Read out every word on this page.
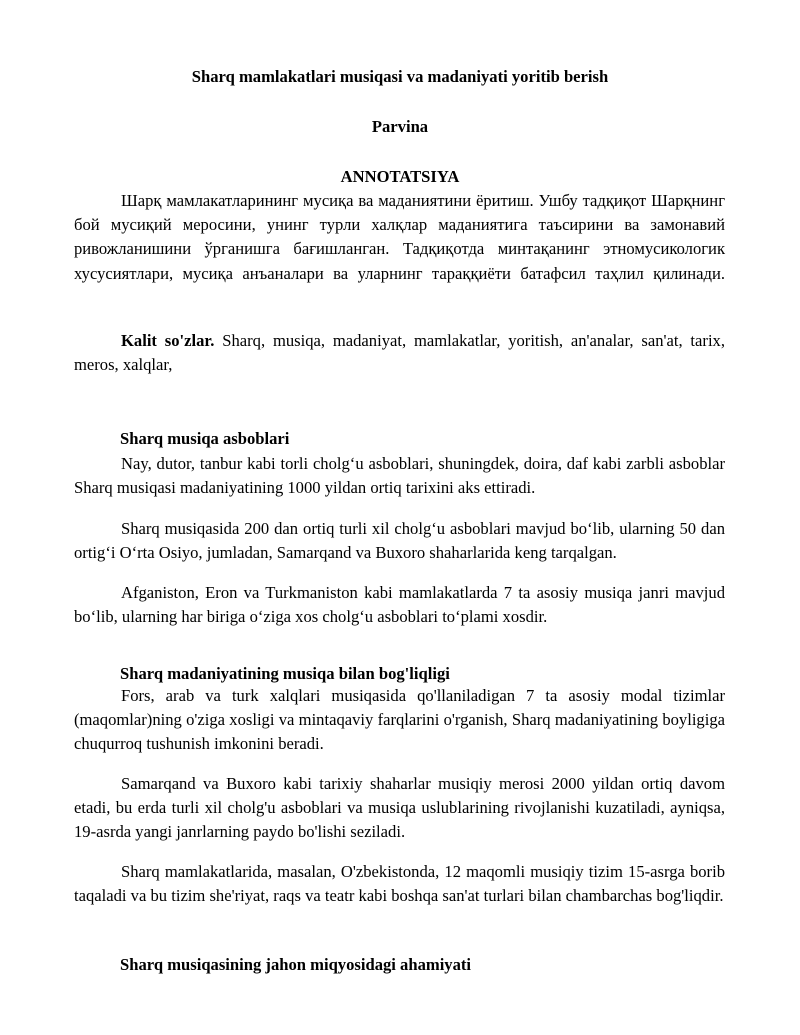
Sharq mamlakatlari musiqasi va madaniyati yoritib berish
Parvina
ANNOTATSIYA

Шарқ мамлакатларининг мусиқа ва маданиятини ёритиш. Ушбу тадқиқот Шарқнинг бой мусиқий меросини, унинг турли халқлар маданиятига таъсирини ва замонавий ривожланишини ўрганишга бағишланган. Тадқиқотда минтақанинг этномусикологик хусусиятлари, мусиқа анъаналари ва уларнинг тараққиёти батафсил таҳлил қилинади.

Kalit so'zlar. Sharq, musiqa, madaniyat, mamlakatlar, yoritish, an'analar, san'at, tarix, meros, xalqlar,

Sharq musiqa asboblari

Nay, dutor, tanbur kabi torli cholg‘u asboblari, shuningdek, doira, daf kabi zarbli asboblar Sharq musiqasi madaniyatining 1000 yildan ortiq tarixini aks ettiradi.

Sharq musiqasida 200 dan ortiq turli xil cholg‘u asboblari mavjud bo‘lib, ularning 50 dan ortig‘i O‘rta Osiyo, jumladan, Samarqand va Buxoro shaharlarida keng tarqalgan.

Afganiston, Eron va Turkmaniston kabi mamlakatlarda 7 ta asosiy musiqa janri mavjud bo‘lib, ularning har biriga o‘ziga xos cholg‘u asboblari to‘plami xosdir.

Sharq madaniyatining musiqa bilan bog'liqligi

Fors, arab va turk xalqlari musiqasida qo'llaniladigan 7 ta asosiy modal tizimlar (maqomlar)ning o'ziga xosligi va mintaqaviy farqlarini o'rganish, Sharq madaniyatining boyligiga chuqurroq tushunish imkonini beradi.

Samarqand va Buxoro kabi tarixiy shaharlar musiqiy merosi 2000 yildan ortiq davom etadi, bu erda turli xil cholg'u asboblari va musiqa uslublarining rivojlanishi kuzatiladi, ayniqsa, 19-asrda yangi janrlarning paydo bo'lishi seziladi.

Sharq mamlakatlarida, masalan, O'zbekistonda, 12 maqomli musiqiy tizim 15-asrga borib taqaladi va bu tizim she'riyat, raqs va teatr kabi boshqa san'at turlari bilan chambarchas bog'liqdir.

Sharq musiqasining jahon miqyosidagi ahamiyati
